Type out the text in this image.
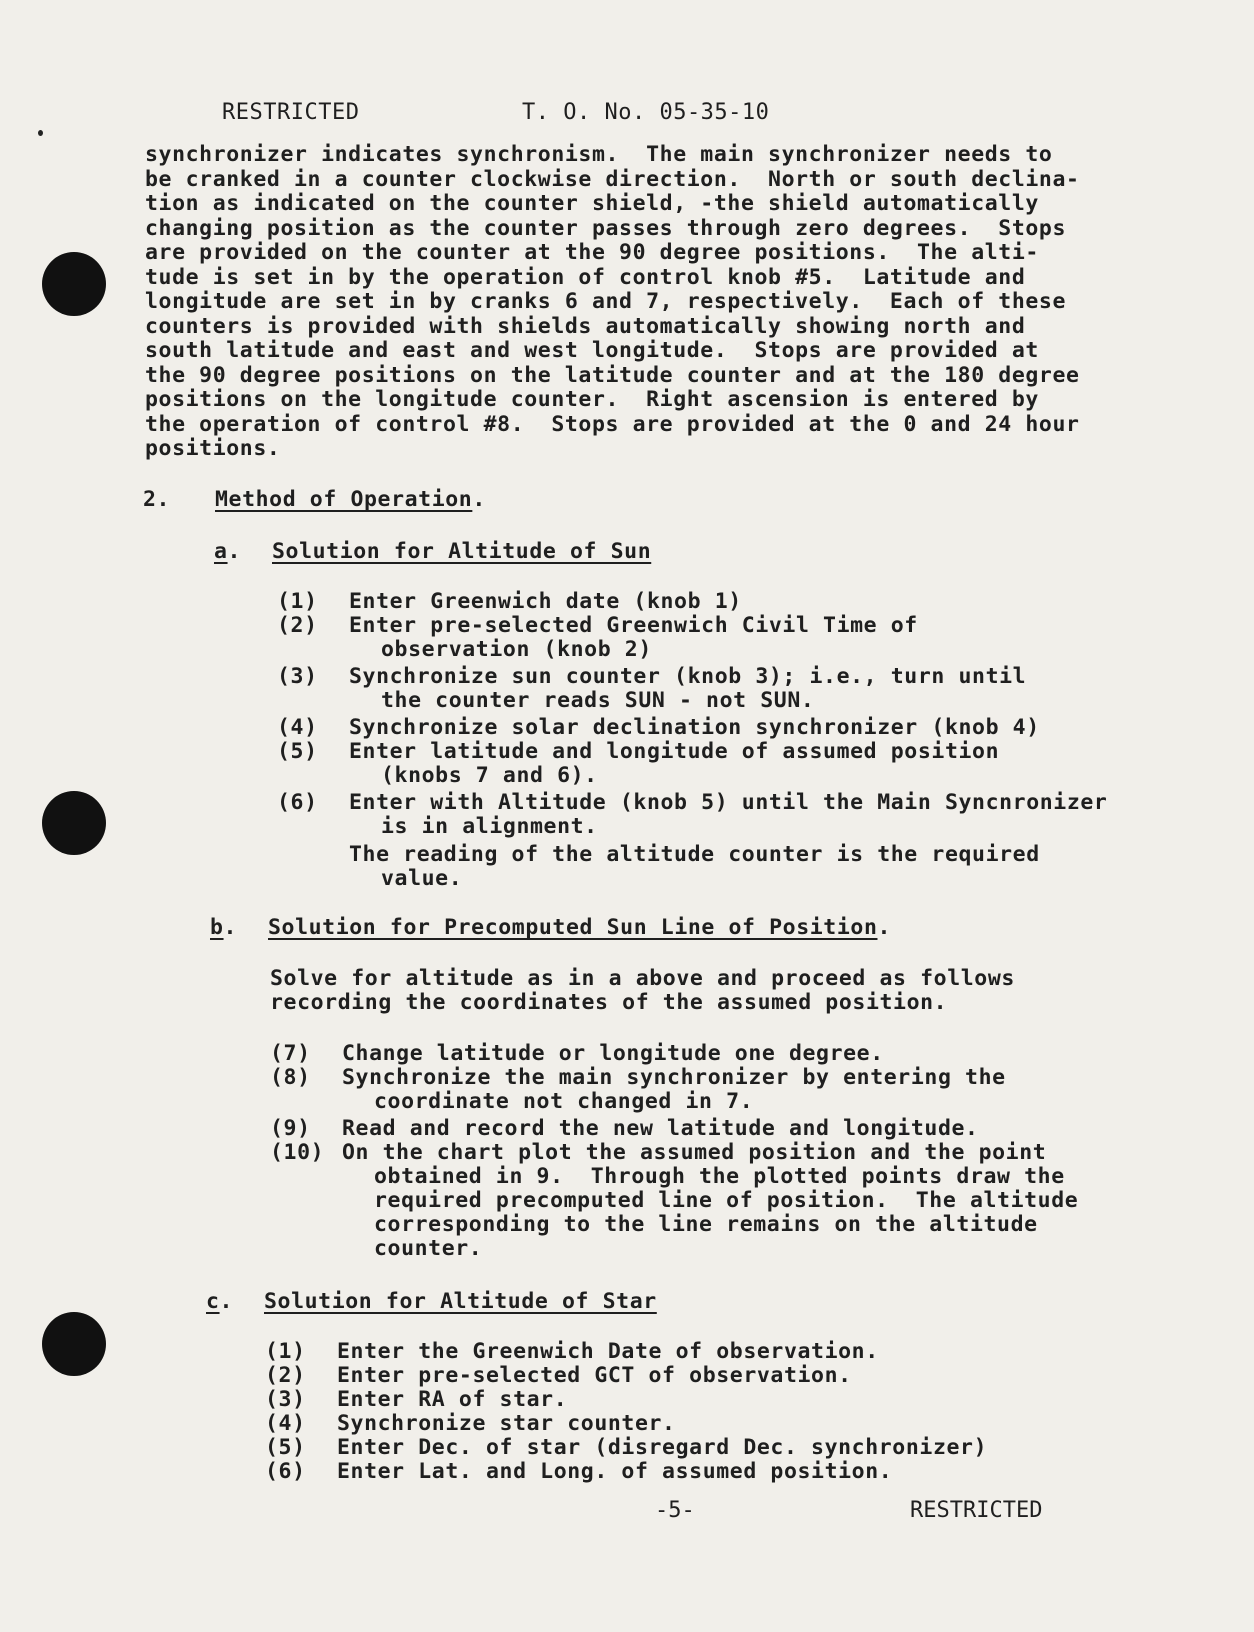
RESTRICTED	T. O. No. 05-35-10
synchronizer indicates synchronism.  The main synchronizer needs to
be cranked in a counter clockwise direction.  North or south declina-
tion as indicated on the counter shield, -the shield automatically
changing position as the counter passes through zero degrees.  Stops
are provided on the counter at the 90 degree positions.  The alti-
tude is set in by the operation of control knob #5.  Latitude and
longitude are set in by cranks 6 and 7, respectively.  Each of these
counters is provided with shields automatically showing north and
south latitude and east and west longitude.  Stops are provided at
the 90 degree positions on the latitude counter and at the 180 degree
positions on the longitude counter.  Right ascension is entered by
the operation of control #8.  Stops are provided at the 0 and 24 hour
positions.
2. Method of Operation.
a. Solution for Altitude of Sun
(1) Enter Greenwich date (knob 1)
(2) Enter pre-selected Greenwich Civil Time of
observation (knob 2)
(3) Synchronize sun counter (knob 3); i.e., turn until
the counter reads SUN - not SUN.
(4) Synchronize solar declination synchronizer (knob 4)
(5) Enter latitude and longitude of assumed position
(knobs 7 and 6).
(6) Enter with Altitude (knob 5) until the Main Syncnronizer
is in alignment.
The reading of the altitude counter is the required
value.
b. Solution for Precomputed Sun Line of Position.
Solve for altitude as in a above and proceed as follows
recording the coordinates of the assumed position.
(7) Change latitude or longitude one degree.
(8) Synchronize the main synchronizer by entering the
coordinate not changed in 7.
(9) Read and record the new latitude and longitude.
(10) On the chart plot the assumed position and the point
obtained in 9.  Through the plotted points draw the
required precomputed line of position.  The altitude
corresponding to the line remains on the altitude
counter.
c. Solution for Altitude of Star
(1) Enter the Greenwich Date of observation.
(2) Enter pre-selected GCT of observation.
(3) Enter RA of star.
(4) Synchronize star counter.
(5) Enter Dec. of star (disregard Dec. synchronizer)
(6) Enter Lat. and Long. of assumed position.
-5-	RESTRICTED
